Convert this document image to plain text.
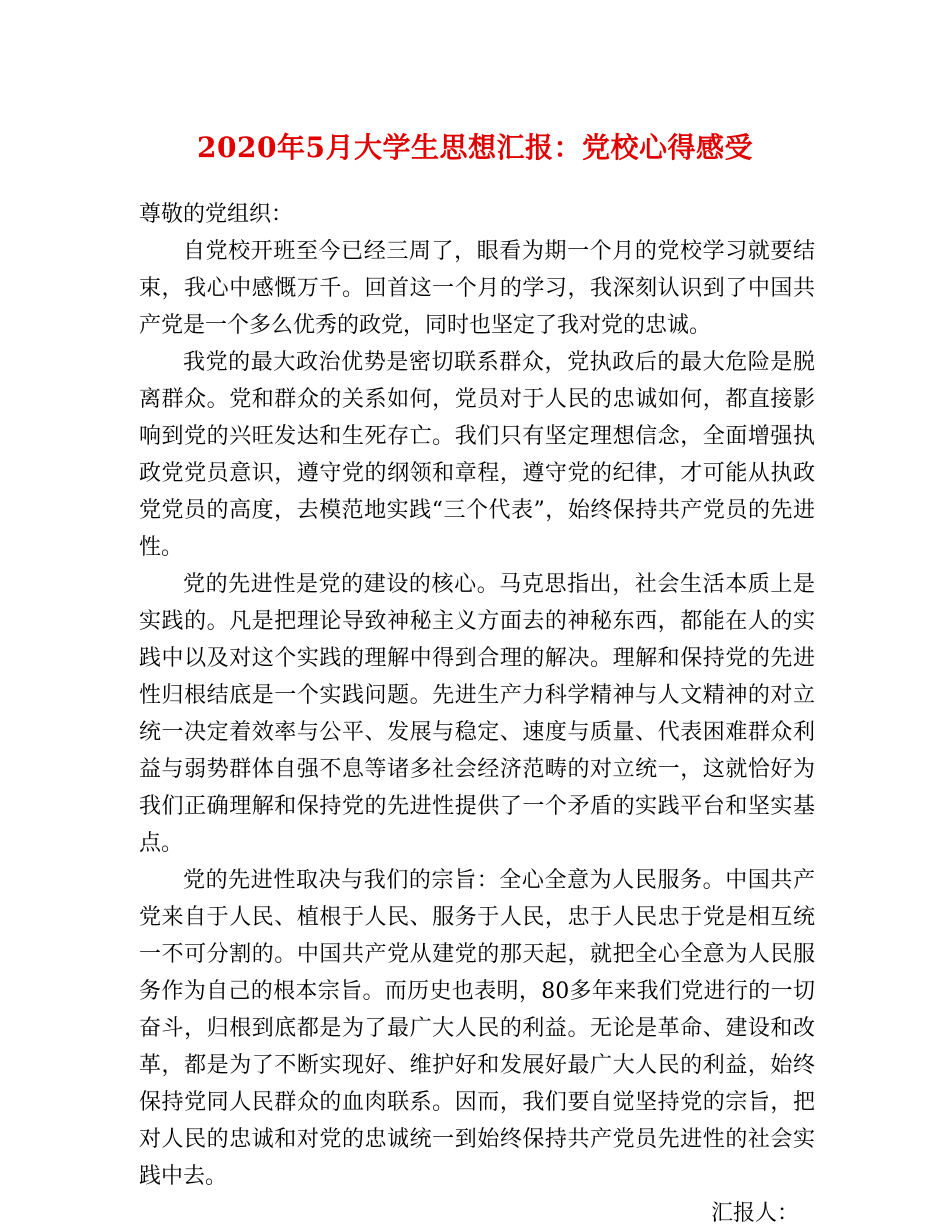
2020年5月大学生思想汇报：党校心得感受

尊敬的党组织：

自党校开班至今已经三周了，眼看为期一个月的党校学习就要结束，我心中感慨万千。回首这一个月的学习，我深刻认识到了中国共产党是一个多么优秀的政党，同时也坚定了我对党的忠诚。

我党的最大政治优势是密切联系群众，党执政后的最大危险是脱离群众。党和群众的关系如何，党员对于人民的忠诚如何，都直接影响到党的兴旺发达和生死存亡。我们只有坚定理想信念，全面增强执政党党员意识，遵守党的纲领和章程，遵守党的纪律，才可能从执政党党员的高度，去模范地实践“三个代表”，始终保持共产党员的先进性。

党的先进性是党的建设的核心。马克思指出，社会生活本质上是实践的。凡是把理论导致神秘主义方面去的神秘东西，都能在人的实践中以及对这个实践的理解中得到合理的解决。理解和保持党的先进性归根结底是一个实践问题。先进生产力科学精神与人文精神的对立统一决定着效率与公平、发展与稳定、速度与质量、代表困难群众利益与弱势群体自强不息等诸多社会经济范畴的对立统一，这就恰好为我们正确理解和保持党的先进性提供了一个矛盾的实践平台和坚实基点。

党的先进性取决与我们的宗旨：全心全意为人民服务。中国共产党来自于人民、植根于人民、服务于人民，忠于人民忠于党是相互统一不可分割的。中国共产党从建党的那天起，就把全心全意为人民服务作为自己的根本宗旨。而历史也表明，80多年来我们党进行的一切奋斗，归根到底都是为了最广大人民的利益。无论是革命、建设和改革，都是为了不断实现好、维护好和发展好最广大人民的利益，始终保持党同人民群众的血肉联系。因而，我们要自觉坚持党的宗旨，把对人民的忠诚和对党的忠诚统一到始终保持共产党员先进性的社会实践中去。

汇报人：
